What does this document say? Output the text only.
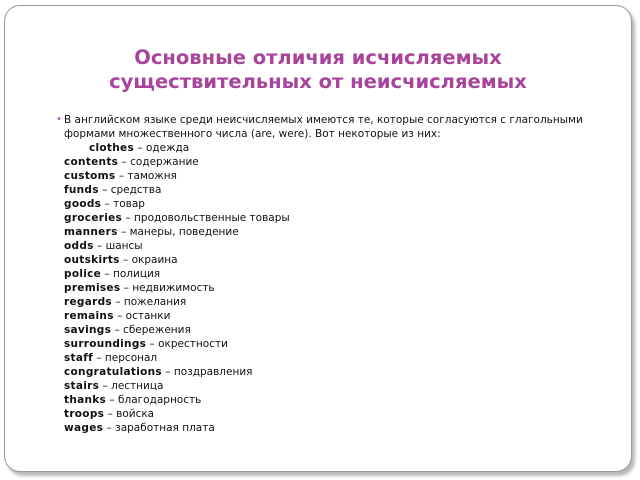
Основные отличия исчисляемых
существительных от неисчисляемых
• В английском языке среди неисчисляемых имеются те, которые согласуются с глагольными формами множественного числа (are, were). Вот некоторые из них:

clothes – одежда
contents – содержание
customs – таможня
funds – средства
goods – товар
groceries – продовольственные товары
manners – манеры, поведение
odds – шансы
outskirts – окраина
police – полиция
premises – недвижимость
regards – пожелания
remains – останки
savings – сбережения
surroundings – окрестности
staff – персонал
congratulations – поздравления
stairs – лестница
thanks – благодарность
troops – войска
wages – заработная плата
